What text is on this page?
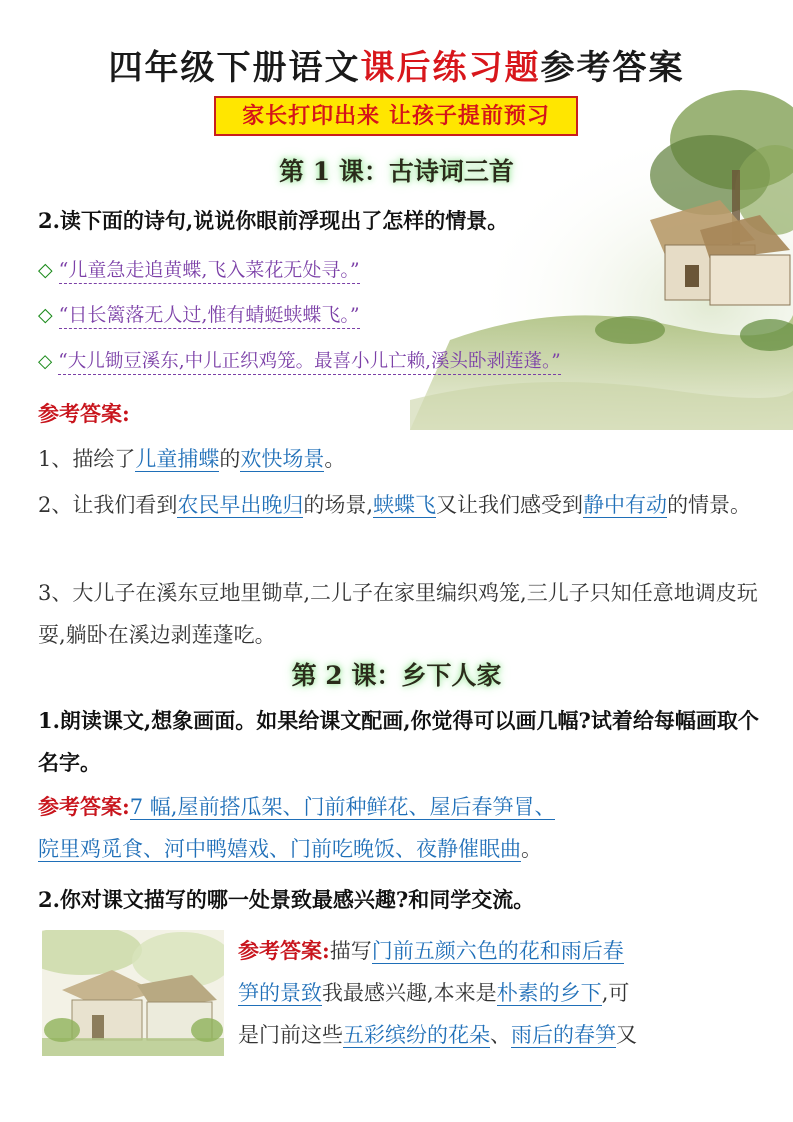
四年级下册语文课后练习题参考答案
家长打印出来 让孩子提前预习
第 1 课：古诗词三首
2.读下面的诗句,说说你眼前浮现出了怎样的情景。
◇ “儿童急走追黄蝶,飞入菜花无处寻。”
◇ “日长篱落无人过,惟有蜻蜓蛱蝶飞。”
◇ “大儿锄豆溪东,中儿正织鸡笼。最喜小儿亡赖,溪头卧剥莲蓬。”
参考答案:
1、描绘了儿童捕蝶的欢快场景。
2、让我们看到农民早出晚归的场景,蛱蝶飞又让我们感受到静中有动的情景。
3、大儿子在溪东豆地里锄草,二儿子在家里编织鸡笼,三儿子只知任意地调皮玩耍,躺卧在溪边剥莲蓬吃。
第 2 课：乡下人家
1.朗读课文,想象画面。如果给课文配画,你觉得可以画几幅?试着给每幅画取个名字。
参考答案:7 幅,屋前搭瓜架、门前种鲜花、屋后春笋冒、
院里鸡觅食、河中鸭嬉戏、门前吃晚饭、夜静催眠曲。
2.你对课文描写的哪一处景致最感兴趣?和同学交流。
参考答案:描写门前五颜六色的花和雨后春
笋的景致我最感兴趣,本来是朴素的乡下,可
是门前这些五彩缤纷的花朵、雨后的春笋又
